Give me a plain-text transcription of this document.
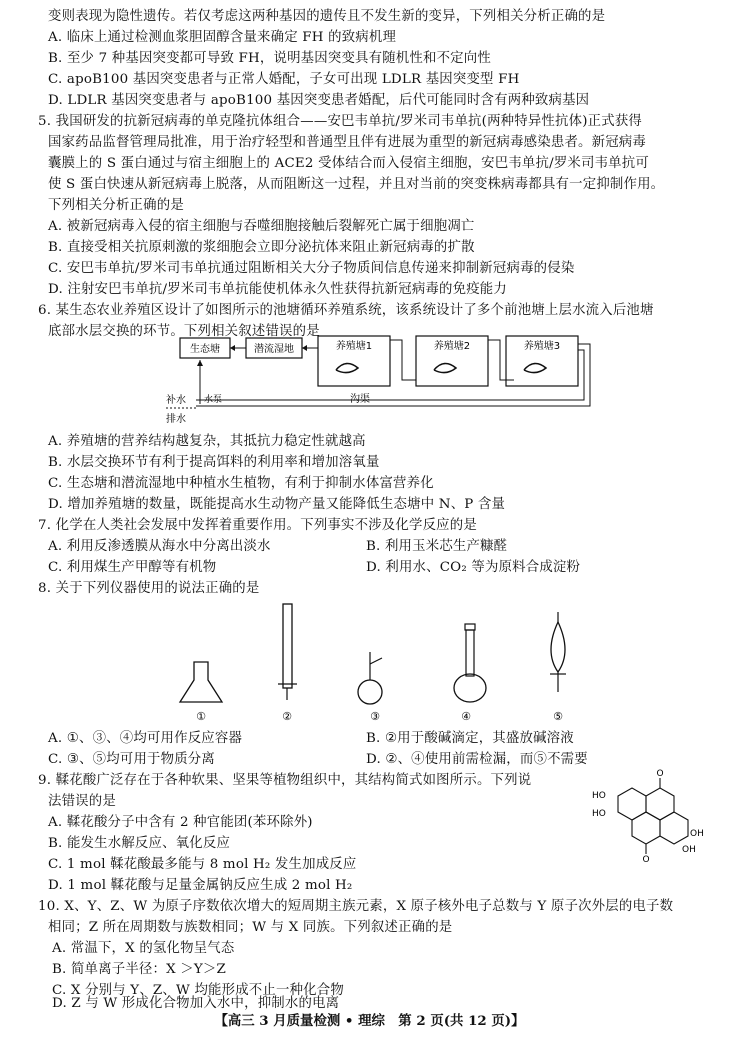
变则表现为隐性遗传。若仅考虑这两种基因的遗传且不发生新的变异，下列相关分析正确的是
A. 临床上通过检测血浆胆固醇含量来确定 FH 的致病机理
B. 至少 7 种基因突变都可导致 FH，说明基因突变具有随机性和不定向性
C. apoB100 基因突变患者与正常人婚配，子女可出现 LDLR 基因突变型 FH
D. LDLR 基因突变患者与 apoB100 基因突变患者婚配，后代可能同时含有两种致病基因
5. 我国研发的抗新冠病毒的单克隆抗体组合——安巴韦单抗/罗米司韦单抗(两种特异性抗体)正式获得
国家药品监督管理局批准，用于治疗轻型和普通型且伴有进展为重型的新冠病毒感染患者。新冠病毒
囊膜上的 S 蛋白通过与宿主细胞上的 ACE2 受体结合而入侵宿主细胞，安巴韦单抗/罗米司韦单抗可
使 S 蛋白快速从新冠病毒上脱落，从而阻断这一过程，并且对当前的突变株病毒都具有一定抑制作用。
下列相关分析正确的是
A. 被新冠病毒入侵的宿主细胞与吞噬细胞接触后裂解死亡属于细胞凋亡
B. 直接受相关抗原刺激的浆细胞会立即分泌抗体来阻止新冠病毒的扩散
C. 安巴韦单抗/罗米司韦单抗通过阻断相关大分子物质间信息传递来抑制新冠病毒的侵染
D. 注射安巴韦单抗/罗米司韦单抗能使机体永久性获得抗新冠病毒的免疫能力
6. 某生态农业养殖区设计了如图所示的池塘循环养殖系统，该系统设计了多个前池塘上层水流入后池塘
底部水层交换的环节。下列相关叙述错误的是
生态塘	潜流湿地	养殖塘1	养殖塘2	养殖塘3
沟渠
水泵
补水
排水
A. 养殖塘的营养结构越复杂，其抵抗力稳定性就越高
B. 水层交换环节有利于提高饵料的利用率和增加溶氧量
C. 生态塘和潜流湿地中种植水生植物，有利于抑制水体富营养化
D. 增加养殖塘的数量，既能提高水生动物产量又能降低生态塘中 N、P 含量
7. 化学在人类社会发展中发挥着重要作用。下列事实不涉及化学反应的是
A. 利用反渗透膜从海水中分离出淡水	B. 利用玉米芯生产糠醛
C. 利用煤生产甲醇等有机物	D. 利用水、CO₂ 等为原料合成淀粉
8. 关于下列仪器使用的说法正确的是
①	②	③	④	⑤
A. ①、③、④均可用作反应容器	B. ②用于酸碱滴定，其盛放碱溶液
C. ③、⑤均可用于物质分离	D. ②、④使用前需检漏，而⑤不需要
9. 鞣花酸广泛存在于各种软果、坚果等植物组织中，其结构简式如图所示。下列说
法错误的是
A. 鞣花酸分子中含有 2 种官能团(苯环除外)
B. 能发生水解反应、氧化反应
C. 1 mol 鞣花酸最多能与 8 mol H₂ 发生加成反应
D. 1 mol 鞣花酸与足量金属钠反应生成 2 mol H₂
O
O
HO
HO
OH
OH
10. X、Y、Z、W 为原子序数依次增大的短周期主族元素，X 原子核外电子总数与 Y 原子次外层的电子数
相同；Z 所在周期数与族数相同；W 与 X 同族。下列叙述正确的是
A. 常温下，X 的氢化物呈气态
B. 简单离子半径：X ＞Y＞Z
C. X 分别与 Y、Z、W 均能形成不止一种化合物
【高三 3 月质量检测 • 理综　第 2 页(共 12 页)】
D. Z 与 W 形成化合物加入水中，抑制水的电离
